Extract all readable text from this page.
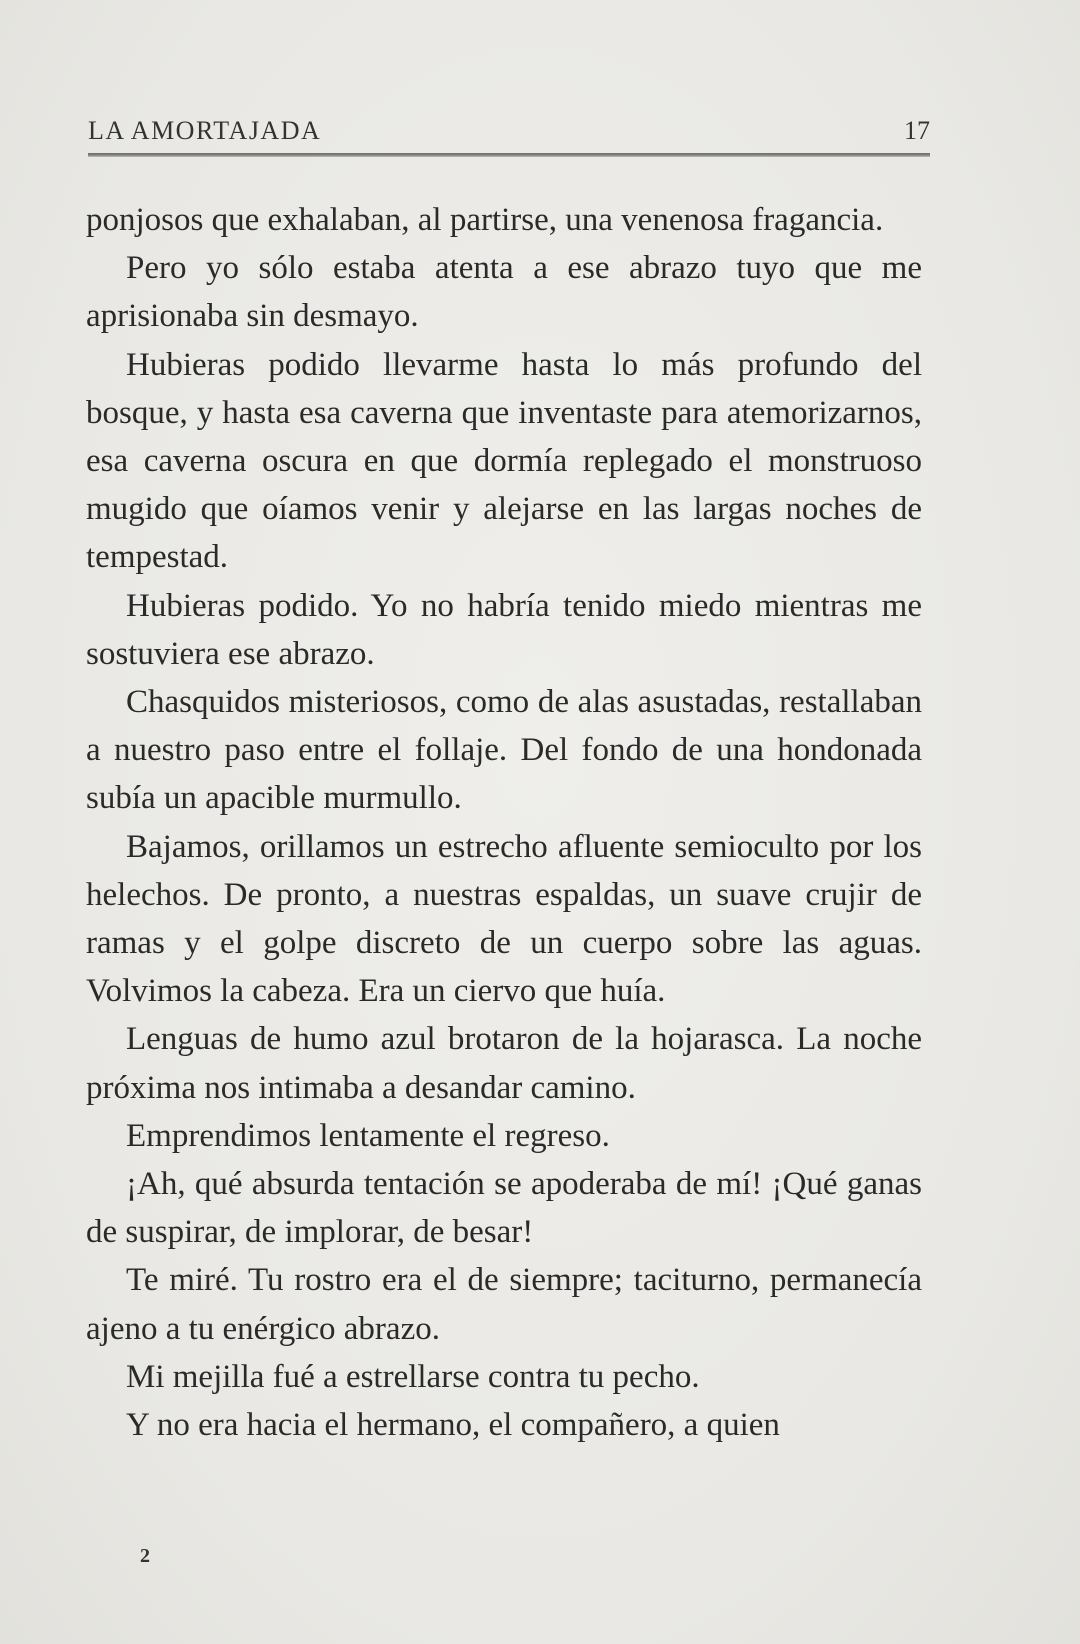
LA AMORTAJADA	17

ponjosos que exhalaban, al partirse, una venenosa fragancia.

Pero yo sólo estaba atenta a ese abrazo tuyo que me aprisionaba sin desmayo.

Hubieras podido llevarme hasta lo más profundo del bosque, y hasta esa caverna que inventaste para atemorizarnos, esa caverna oscura en que dormía replegado el monstruoso mugido que oíamos venir y alejarse en las largas noches de tempestad.

Hubieras podido. Yo no habría tenido miedo mientras me sostuviera ese abrazo.

Chasquidos misteriosos, como de alas asustadas, restallaban a nuestro paso entre el follaje. Del fondo de una hondonada subía un apacible murmullo.

Bajamos, orillamos un estrecho afluente semioculto por los helechos. De pronto, a nuestras espaldas, un suave crujir de ramas y el golpe discreto de un cuerpo sobre las aguas. Volvimos la cabeza. Era un ciervo que huía.

Lenguas de humo azul brotaron de la hojarasca. La noche próxima nos intimaba a desandar camino.

Emprendimos lentamente el regreso.

¡Ah, qué absurda tentación se apoderaba de mí! ¡Qué ganas de suspirar, de implorar, de besar!

Te miré. Tu rostro era el de siempre; taciturno, permanecía ajeno a tu enérgico abrazo.

Mi mejilla fué a estrellarse contra tu pecho.

Y no era hacia el hermano, el compañero, a quien

2
